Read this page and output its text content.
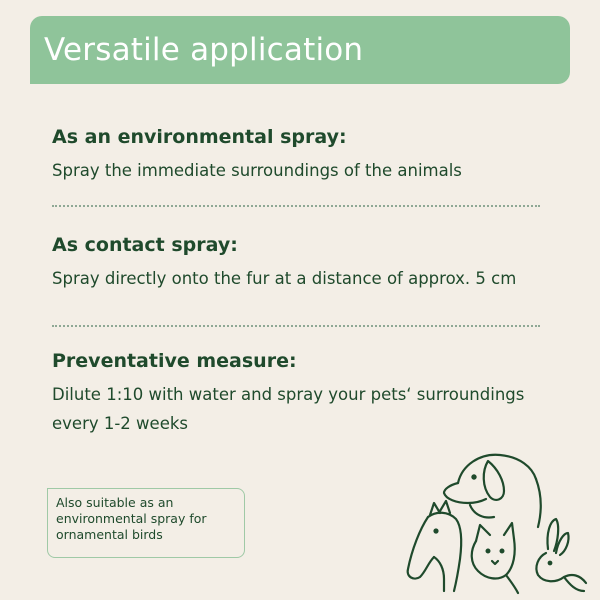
Versatile application
As an environmental spray:
Spray the immediate surroundings of the animals
As contact spray:
Spray directly onto the fur at a distance of approx. 5 cm
Preventative measure:
Dilute 1:10 with water and spray your pets‘ surroundings every 1-2 weeks
Also suitable as an environmental spray for ornamental birds
